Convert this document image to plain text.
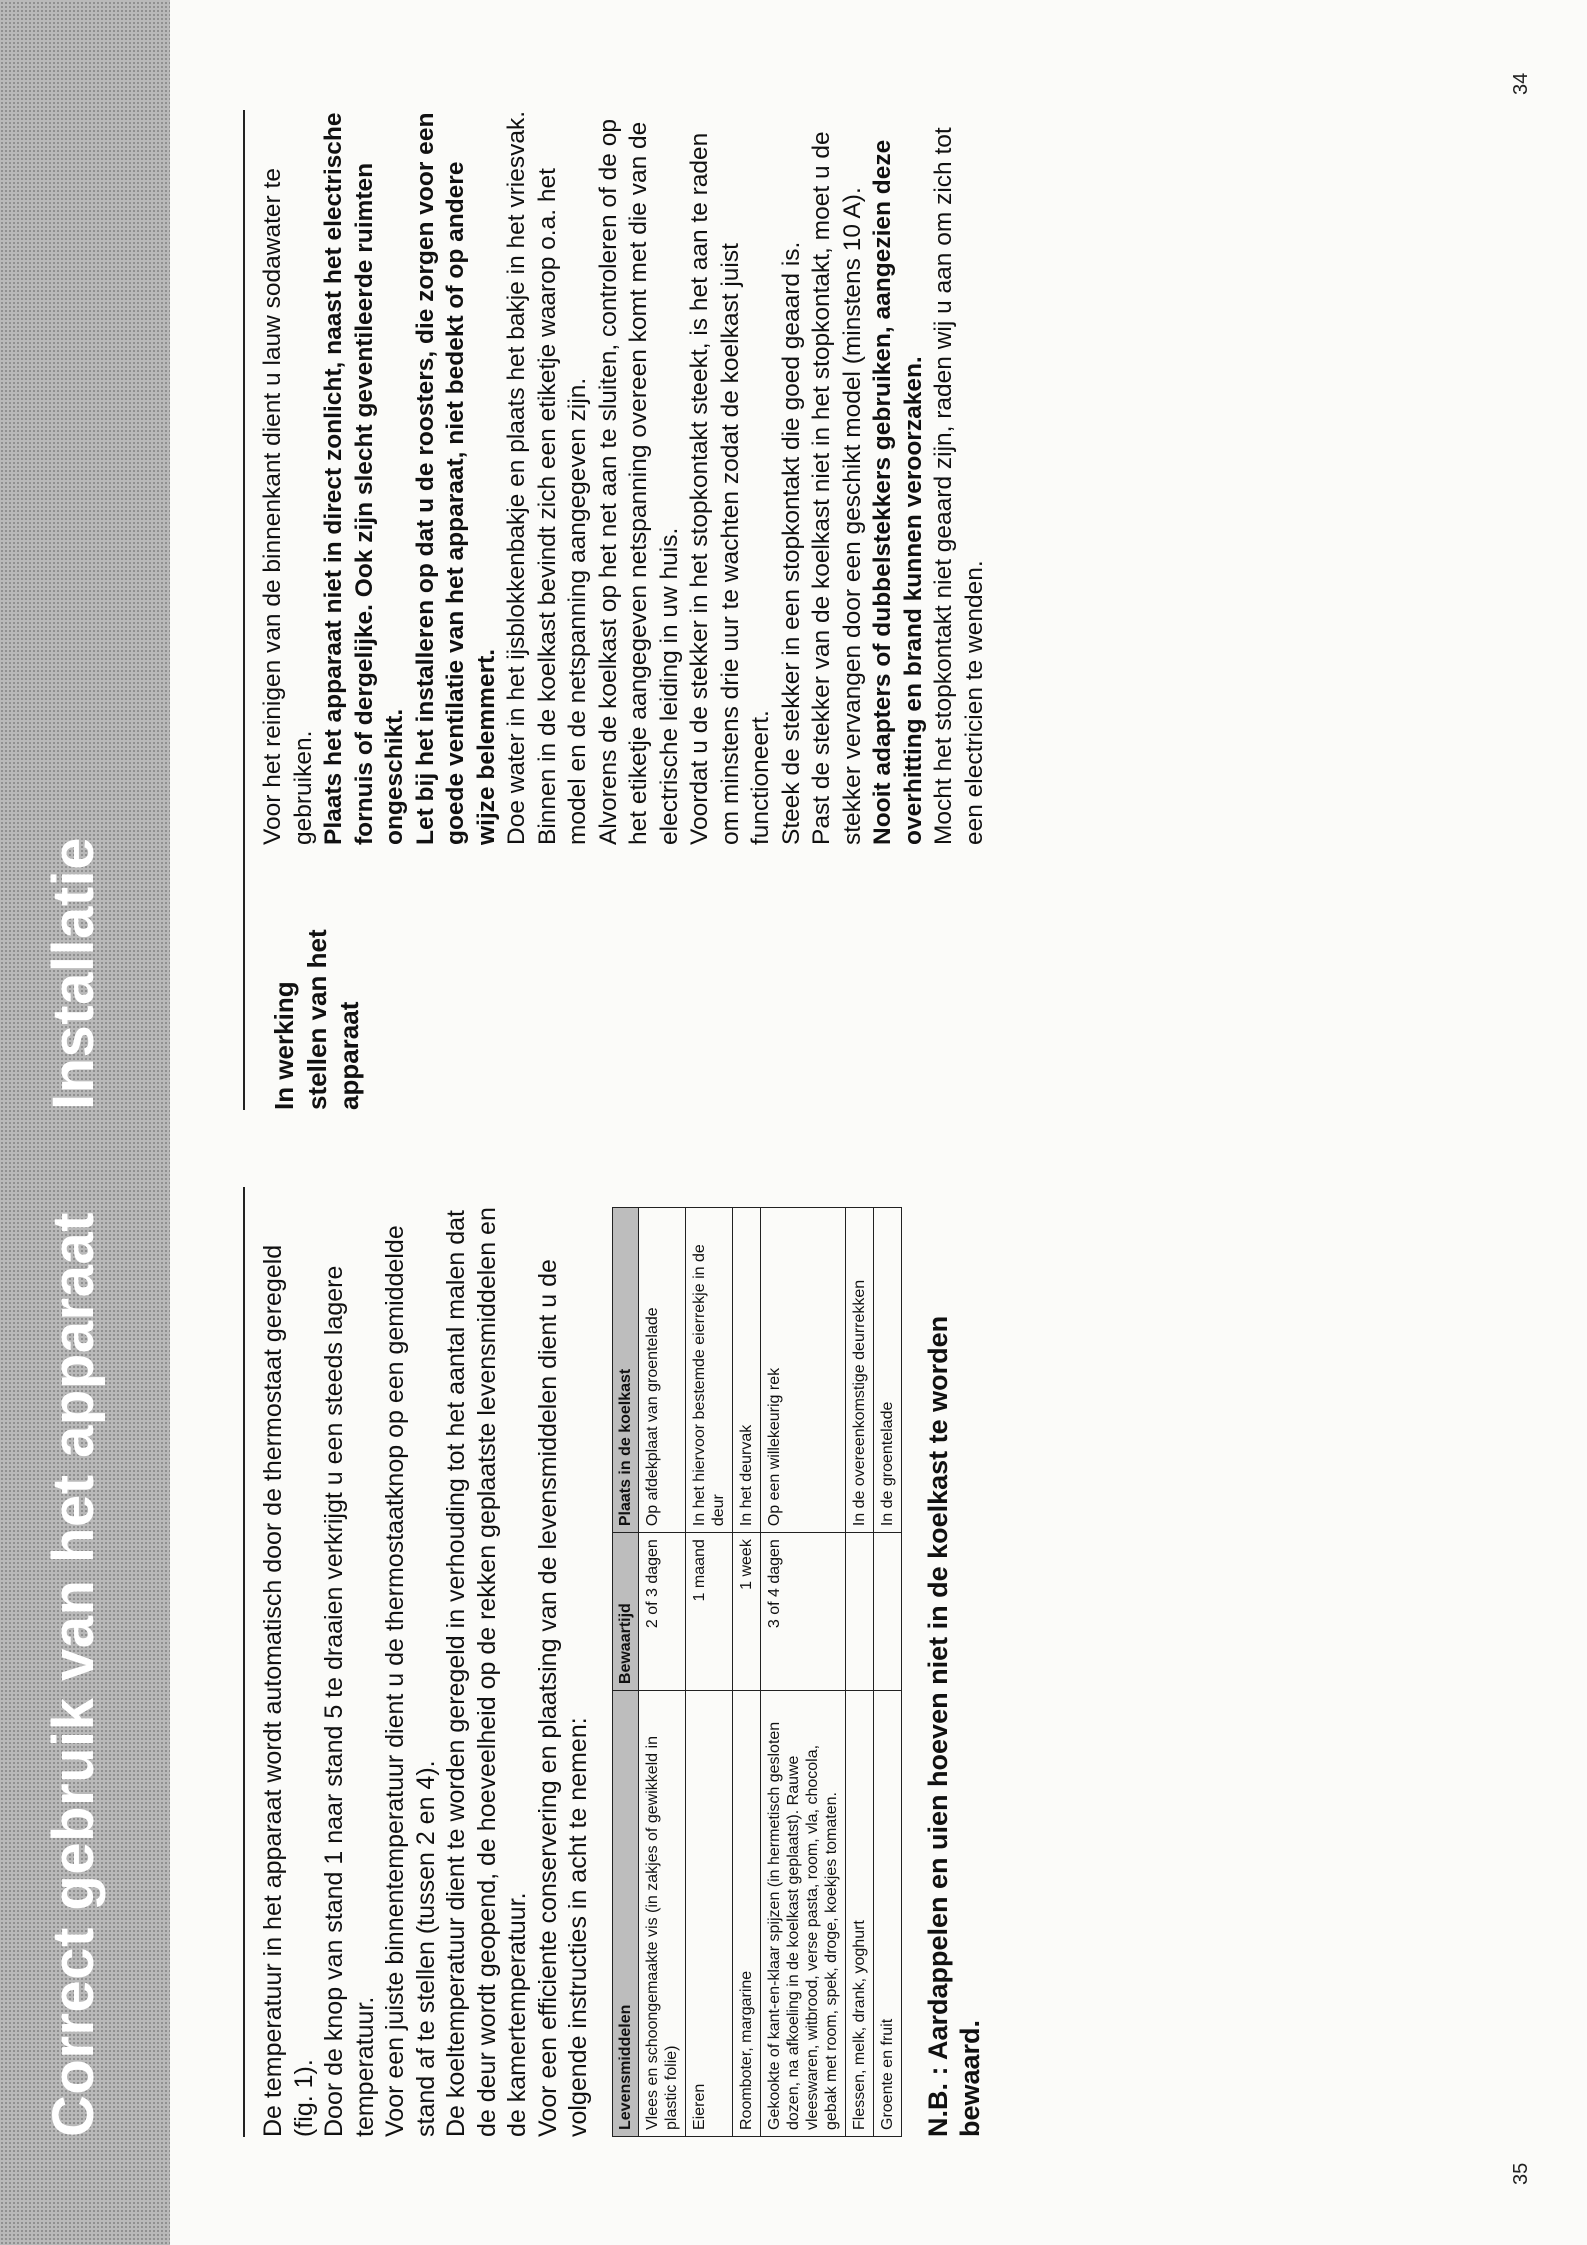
Installatie
Correct gebruik van het apparaat
In werking
stellen van het
apparaat

Voor het reinigen van de binnenkant dient u lauw sodawater te gebruiken. Plaats het apparaat niet in direct zonlicht, naast het electrische fornuis of dergelijke. Ook zijn slecht geventileerde ruimten ongeschikt. Let bij het installeren op dat u de roosters, die zorgen voor een goede ventilatie van het apparaat, niet bedekt of op andere wijze belemmert. Doe water in het ijsblokkenbakje en plaats het bakje in het vriesvak. Binnen in de koelkast bevindt zich een etiketje waarop o.a. het model en de netspanning aangegeven zijn. Alvorens de koelkast op het net aan te sluiten, controleren of de op het etiketje aangegeven netspanning overeen komt met die van de electrische leiding in uw huis. Voordat u de stekker in het stopkontakt steekt, is het aan te raden om minstens drie uur te wachten zodat de koelkast juist functioneert. Steek de stekker in een stopkontakt die goed geaard is. Past de stekker van de koelkast niet in het stopkontakt, moet u de stekker vervangen door een geschikt model (minstens 10 A). Nooit adapters of dubbelstekkers gebruiken, aangezien deze overhitting en brand kunnen veroorzaken. Mocht het stopkontakt niet geaard zijn, raden wij u aan om zich tot een electricien te wenden.

34
35

De temperatuur in het apparaat wordt automatisch door de thermostaat geregeld (fig. 1). Door de knop van stand 1 naar stand 5 te draaien verkrijgt u een steeds lagere temperatuur. Voor een juiste binnentemperatuur dient u de thermostaatknop op een gemiddelde stand af te stellen (tussen 2 en 4). De koeltemperatuur dient te worden geregeld in verhouding tot het aantal malen dat de deur wordt geopend, de hoeveelheid op de rekken geplaatste levensmiddelen en de kamertemperatuur. Voor een efficiente conservering en plaatsing van de levensmiddelen dient u de volgende instructies in acht te nemen: Levensmiddelen	Bewaartijd	Plaats in de koelkast
Vlees en schoongemaakte vis (in zakjes of gewikkeld in plastic folie)	2 of 3 dagen	Op afdekplaat van groentelade
Eieren	1 maand	In het hiervoor bestemde eierrekje in de deur
Roomboter, margarine	1 week	In het deurvak
Gekookte of kant-en-klaar spijzen (in hermetisch gesloten dozen, na afkoeling in de koelkast geplaatst). Rauwe vleeswaren, witbrood, verse pasta, room, vla, chocola, gebak met room, spek, droge, koekjes tomaten.	3 of 4 dagen	Op een willekeurig rek
Flessen, melk, drank, yoghurt		In de overeenkomstige deurrekken
Groente en fruit		In de groentelade N.B. : Aardappelen en uien hoeven niet in de koelkast te worden bewaard.
